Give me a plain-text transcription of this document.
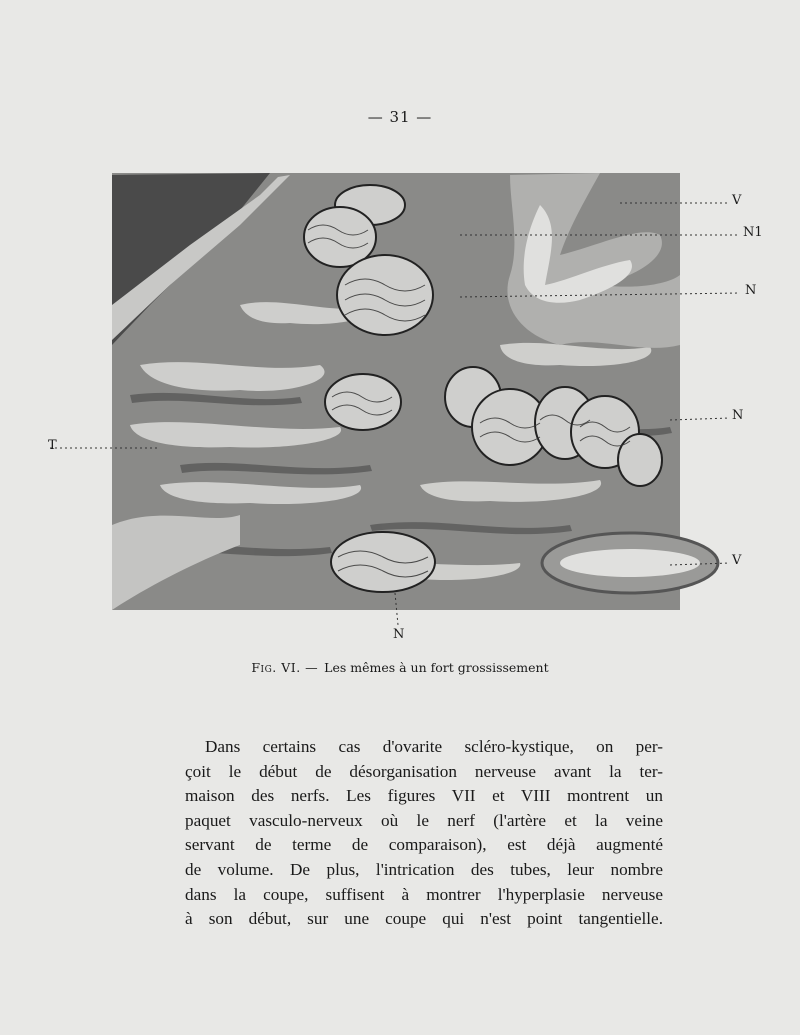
— 31 —
V
N1
N
N
T
V
N
Fig. VI. — Les mêmes à un fort grossissement
Dans certains cas d'ovarite scléro-kystique, on per-
çoit le début de désorganisation nerveuse avant la ter-
maison des nerfs. Les figures VII et VIII montrent un
paquet vasculo-nerveux où le nerf (l'artère et la veine
servant de terme de comparaison), est déjà augmenté
de volume. De plus, l'intrication des tubes, leur nombre
dans la coupe, suffisent à montrer l'hyperplasie nerveuse
à son début, sur une coupe qui n'est point tangentielle.
